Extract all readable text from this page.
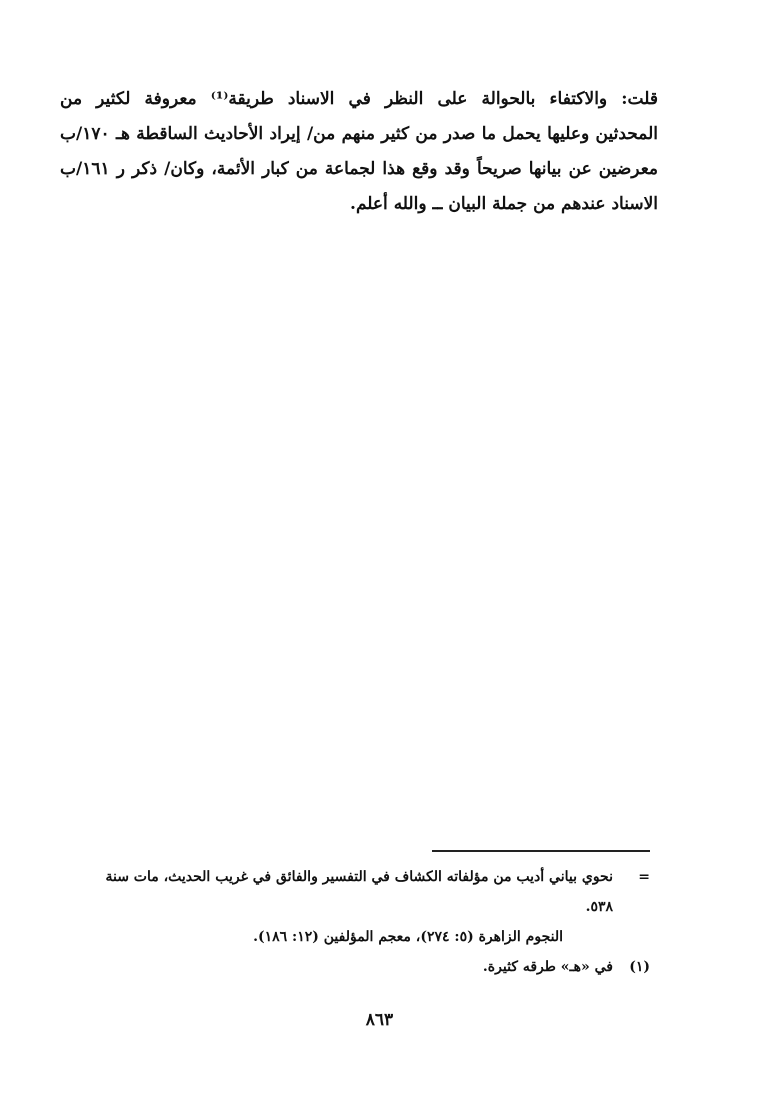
قلت: والاكتفاء بالحوالة على النظر في الاسناد طريقة⁽¹⁾ معروفة لكثير من
المحدثين وعليها يحمل ما صدر من كثير منهم من/ إيراد الأحاديث الساقطة هـ ١٧٠/ب
معرضين عن بيانها صريحاً وقد وقع هذا لجماعة من كبار الأئمة، وكان/ ذكر ر ١٦١/ب
الاسناد عندهم من جملة البيان ــ والله أعلم.
=
نحوي بياني أديب من مؤلفاته الكشاف في التفسير والفائق في غريب الحديث، مات سنة
٥٣٨.
النجوم الزاهرة (٥: ٢٧٤)، معجم المؤلفين (١٢: ١٨٦).
(١)
في «هـ» طرقه كثيرة.
٨٦٣
